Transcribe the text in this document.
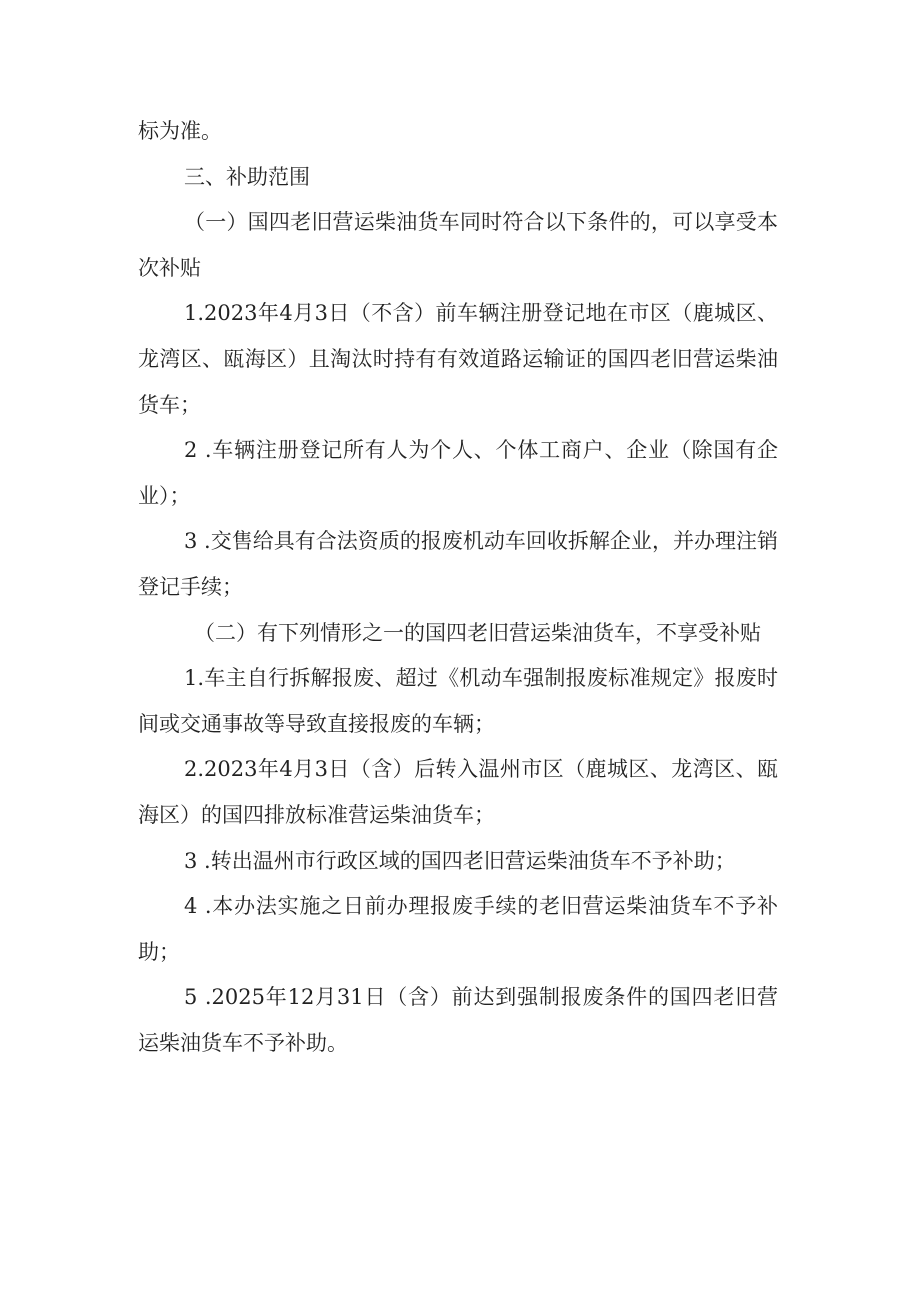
标为准。

三、补助范围

（一）国四老旧营运柴油货车同时符合以下条件的，可以享受本次补贴

1.2023年4月3日（不含）前车辆注册登记地在市区（鹿城区、龙湾区、瓯海区）且淘汰时持有有效道路运输证的国四老旧营运柴油货车；

2 .车辆注册登记所有人为个人、个体工商户、企业（除国有企业）；

3 .交售给具有合法资质的报废机动车回收拆解企业，并办理注销登记手续；

（二）有下列情形之一的国四老旧营运柴油货车，不享受补贴

1.车主自行拆解报废、超过《机动车强制报废标准规定》报废时间或交通事故等导致直接报废的车辆；

2.2023年4月3日（含）后转入温州市区（鹿城区、龙湾区、瓯海区）的国四排放标准营运柴油货车；

3 .转出温州市行政区域的国四老旧营运柴油货车不予补助；

4 .本办法实施之日前办理报废手续的老旧营运柴油货车不予补助；

5 .2025年12月31日（含）前达到强制报废条件的国四老旧营运柴油货车不予补助。
